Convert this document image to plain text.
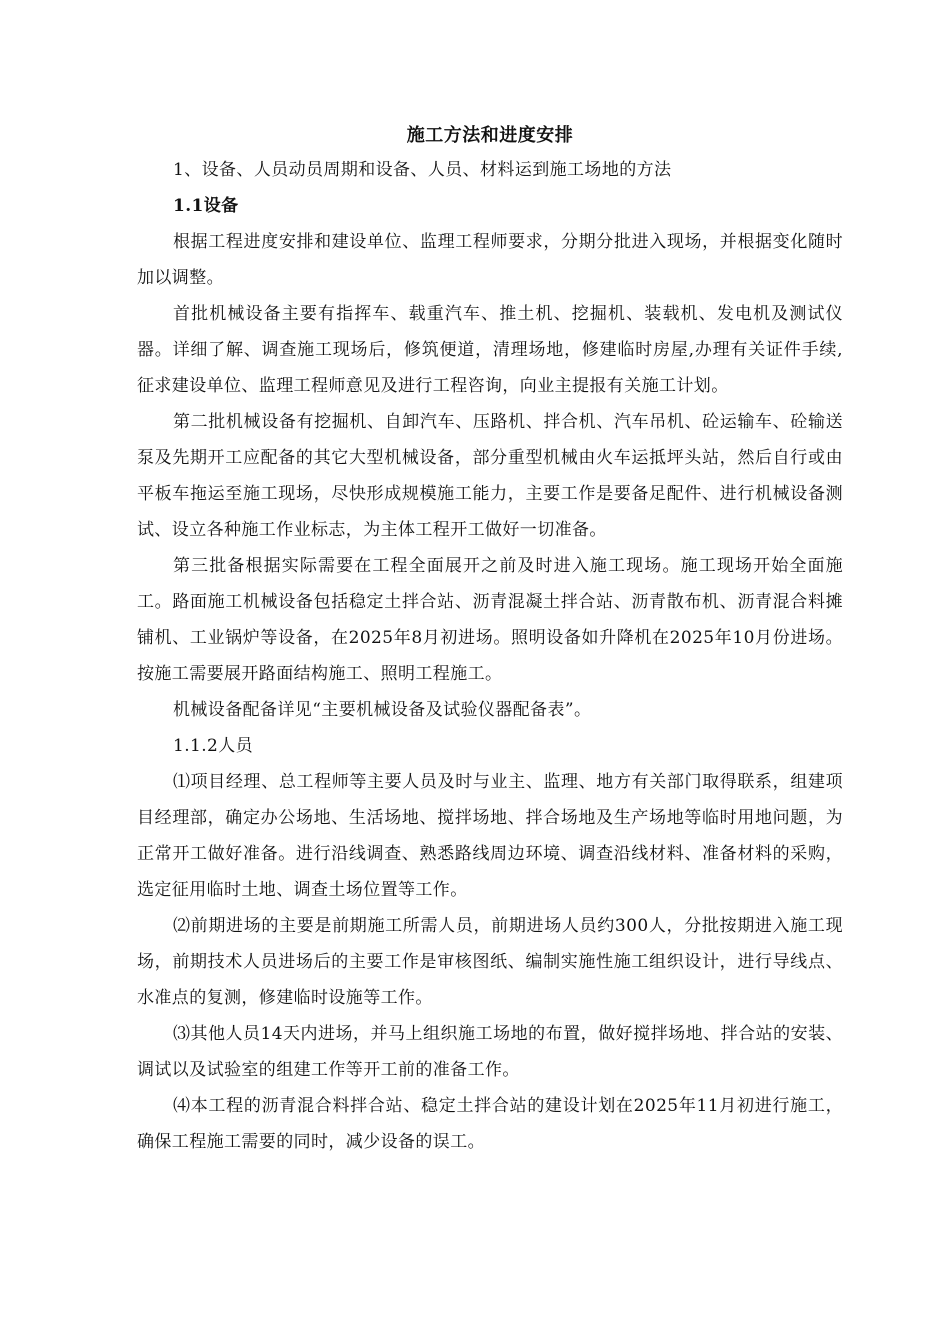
施工方法和进度安排

1、设备、人员动员周期和设备、人员、材料运到施工场地的方法

1.1设备

根据工程进度安排和建设单位、监理工程师要求，分期分批进入现场，并根据变化随时加以调整。

首批机械设备主要有指挥车、载重汽车、推土机、挖掘机、装载机、发电机及测试仪器。详细了解、调查施工现场后，修筑便道，清理场地，修建临时房屋,办理有关证件手续,征求建设单位、监理工程师意见及进行工程咨询，向业主提报有关施工计划。

第二批机械设备有挖掘机、自卸汽车、压路机、拌合机、汽车吊机、砼运输车、砼输送泵及先期开工应配备的其它大型机械设备，部分重型机械由火车运抵坪头站，然后自行或由平板车拖运至施工现场，尽快形成规模施工能力，主要工作是要备足配件、进行机械设备测试、设立各种施工作业标志，为主体工程开工做好一切准备。

第三批备根据实际需要在工程全面展开之前及时进入施工现场。施工现场开始全面施工。路面施工机械设备包括稳定土拌合站、沥青混凝土拌合站、沥青散布机、沥青混合料摊铺机、工业锅炉等设备，在2025年8月初进场。照明设备如升降机在2025年10月份进场。按施工需要展开路面结构施工、照明工程施工。

机械设备配备详见“主要机械设备及试验仪器配备表”。

1.1.2人员

⑴项目经理、总工程师等主要人员及时与业主、监理、地方有关部门取得联系，组建项目经理部，确定办公场地、生活场地、搅拌场地、拌合场地及生产场地等临时用地问题，为正常开工做好准备。进行沿线调查、熟悉路线周边环境、调查沿线材料、准备材料的采购，选定征用临时土地、调查土场位置等工作。

⑵前期进场的主要是前期施工所需人员，前期进场人员约300人，分批按期进入施工现场，前期技术人员进场后的主要工作是审核图纸、编制实施性施工组织设计，进行导线点、水准点的复测，修建临时设施等工作。

⑶其他人员14天内进场，并马上组织施工场地的布置，做好搅拌场地、拌合站的安装、调试以及试验室的组建工作等开工前的准备工作。

⑷本工程的沥青混合料拌合站、稳定土拌合站的建设计划在2025年11月初进行施工，确保工程施工需要的同时，减少设备的误工。
